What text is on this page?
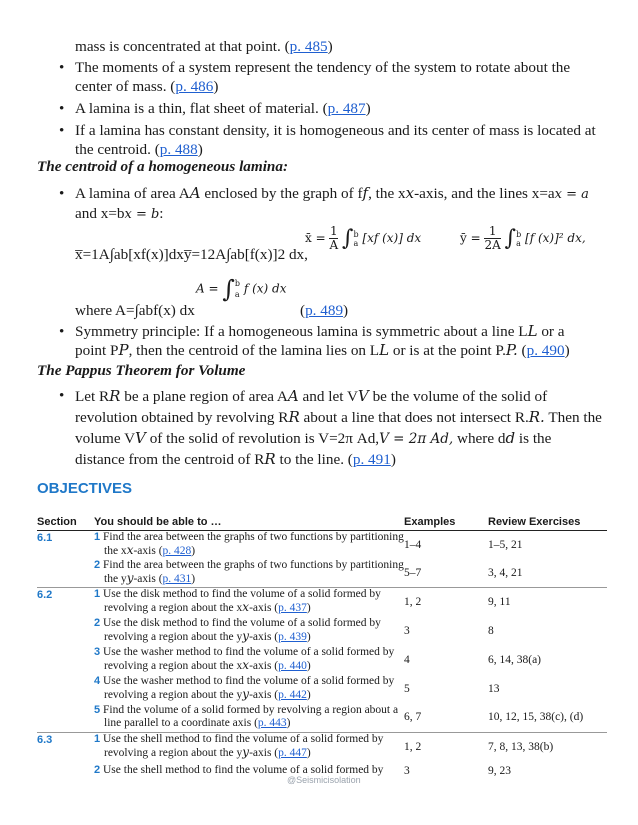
mass is concentrated at that point. (p. 485)
• The moments of a system represent the tendency of the system to rotate about the center of mass. (p. 486)
• A lamina is a thin, flat sheet of material. (p. 487)
• If a lamina has constant density, it is homogeneous and its center of mass is located at the centroid. (p. 488)
The centroid of a homogeneous lamina:
• A lamina of area AA enclosed by the graph of ff, the xx-axis, and the lines x=ax = a
and x=bx = b:
x̅=1A∫ab[xf(x)]dxy̅=12A∫ab[f(x)]2 dx,
x̄ = $\frac{1}{A}$ ∫ b
a [xf (x)] dx	ȳ = $\frac{1}{2A}$ ∫ b
a [f (x)]² dx,
where A=∫abf(x) dx
A = ∫ b
a f (x) dx
(p. 489)
• Symmetry principle: If a homogeneous lamina is symmetric about a line LL or a point PP, then the centroid of the lamina lies on LL or is at the point P.P. (p. 490)
The Pappus Theorem for Volume
• Let RR be a plane region of area AA and let VV be the volume of the solid of revolution obtained by revolving RR about a line that does not intersect R.R. Then the volume VV of the solid of revolution is V=2π Ad,V = 2π Ad, where dd is the distance from the centroid of RR to the line. (p. 491)
OBJECTIVES
Section	You should be able to …	Examples	Review Exercises
6.1	1 Find the area between the graphs of two functions by partitioning the xx-axis (p. 428)	1–4	1–5, 21

	2 Find the area between the graphs of two functions by partitioning the yy-axis (p. 431)	5–7	3, 4, 21
6.2	1 Use the disk method to find the volume of a solid formed by revolving a region about the xx-axis (p. 437)	1, 2	9, 11

	2 Use the disk method to find the volume of a solid formed by revolving a region about the yy-axis (p. 439)	3	8

	3 Use the washer method to find the volume of a solid formed by revolving a region about the xx-axis (p. 440)	4	6, 14, 38(a)

	4 Use the washer method to find the volume of a solid formed by revolving a region about the yy-axis (p. 442)	5	13

	5 Find the volume of a solid formed by revolving a region about a line parallel to a coordinate axis (p. 443)	6, 7	10, 12, 15, 38(c), (d)
6.3	1 Use the shell method to find the volume of a solid formed by revolving a region about the yy-axis (p. 447)	1, 2	7, 8, 13, 38(b)

	2 Use the shell method to find the volume of a solid formed by	3	9, 23
@Seismicisolation
